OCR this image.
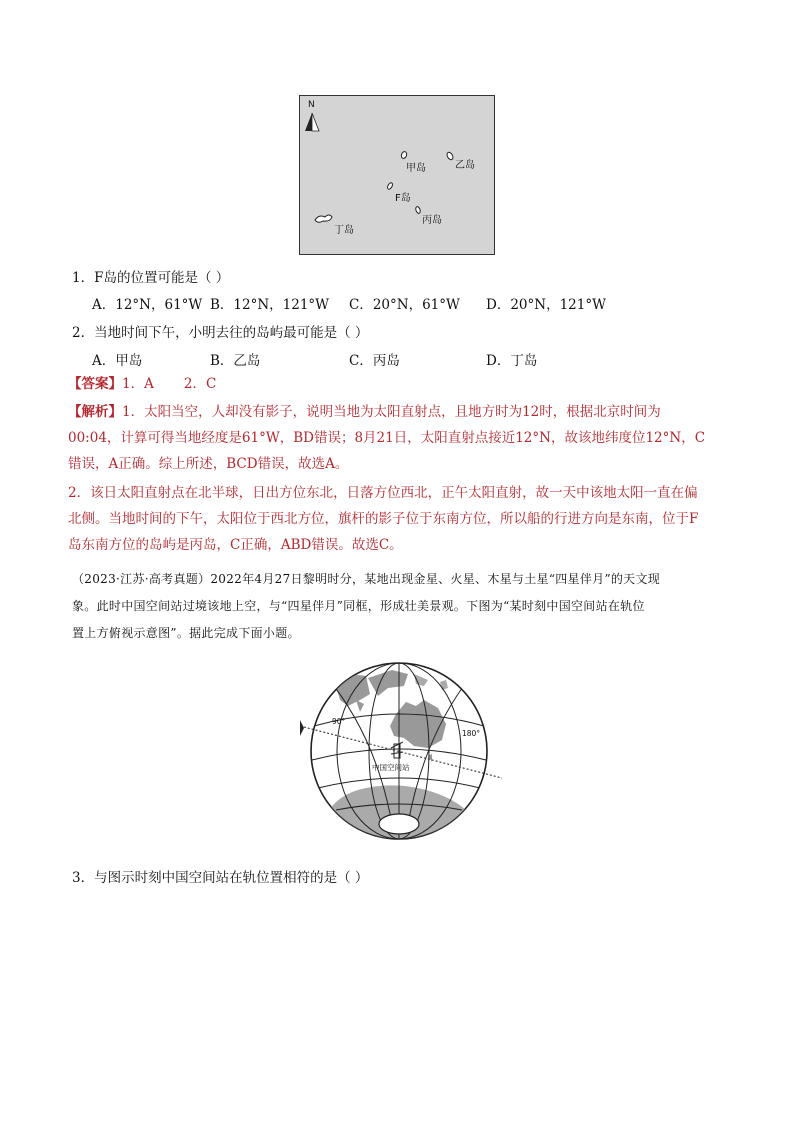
N
甲岛	乙岛
F岛
丙岛
丁岛
1．F岛的位置可能是（ ）
A．12°N，61°W B．12°N，121°W C．20°N，61°W D．20°N，121°W
2．当地时间下午，小明去往的岛屿最可能是（ ）
A．甲岛	B．乙岛	C．丙岛	D．丁岛
【答案】1．A       2．C
【解析】1．太阳当空，人却没有影子，说明当地为太阳直射点，且地方时为12时，根据北京时间为
00:04，计算可得当地经度是61°W，BD错误；8月21日，太阳直射点接近12°N，故该地纬度位12°N，C
错误，A正确。综上所述，BCD错误，故选A。
2．该日太阳直射点在北半球，日出方位东北，日落方位西北，正午太阳直射，故一天中该地太阳一直在偏
北侧。当地时间的下午，太阳位于西北方位，旗杆的影子位于东南方位，所以船的行进方向是东南，位于F
岛东南方位的岛屿是丙岛，C正确，ABD错误。故选C。
（2023·江苏·高考真题）2022年4月27日黎明时分，某地出现金星、火星、木星与土星“四星伴月”的天文现
象。此时中国空间站过境该地上空，与“四星伴月”同框，形成壮美景观。下图为“某时刻中国空间站在轨位
置上方俯视示意图”。据此完成下面小题。
90°
180°
中国空间站
3．与图示时刻中国空间站在轨位置相符的是（ ）
